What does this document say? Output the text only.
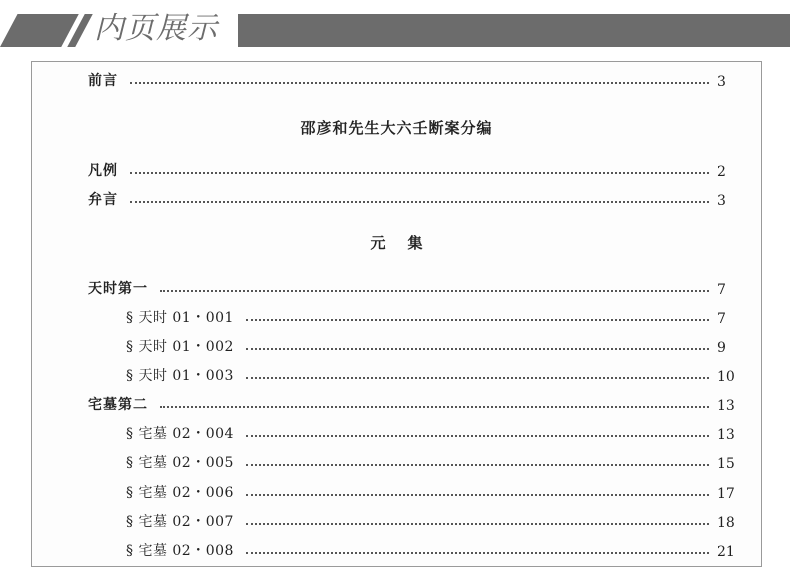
内页展示
前言	3
邵彦和先生大六壬断案分编
凡例	2
弁言	3
元集
天时第一	7
§ 天时 01・001	7
§ 天时 01・002	9
§ 天时 01・003	10
宅墓第二	13
§ 宅墓 02・004	13
§ 宅墓 02・005	15
§ 宅墓 02・006	17
§ 宅墓 02・007	18
§ 宅墓 02・008	21
